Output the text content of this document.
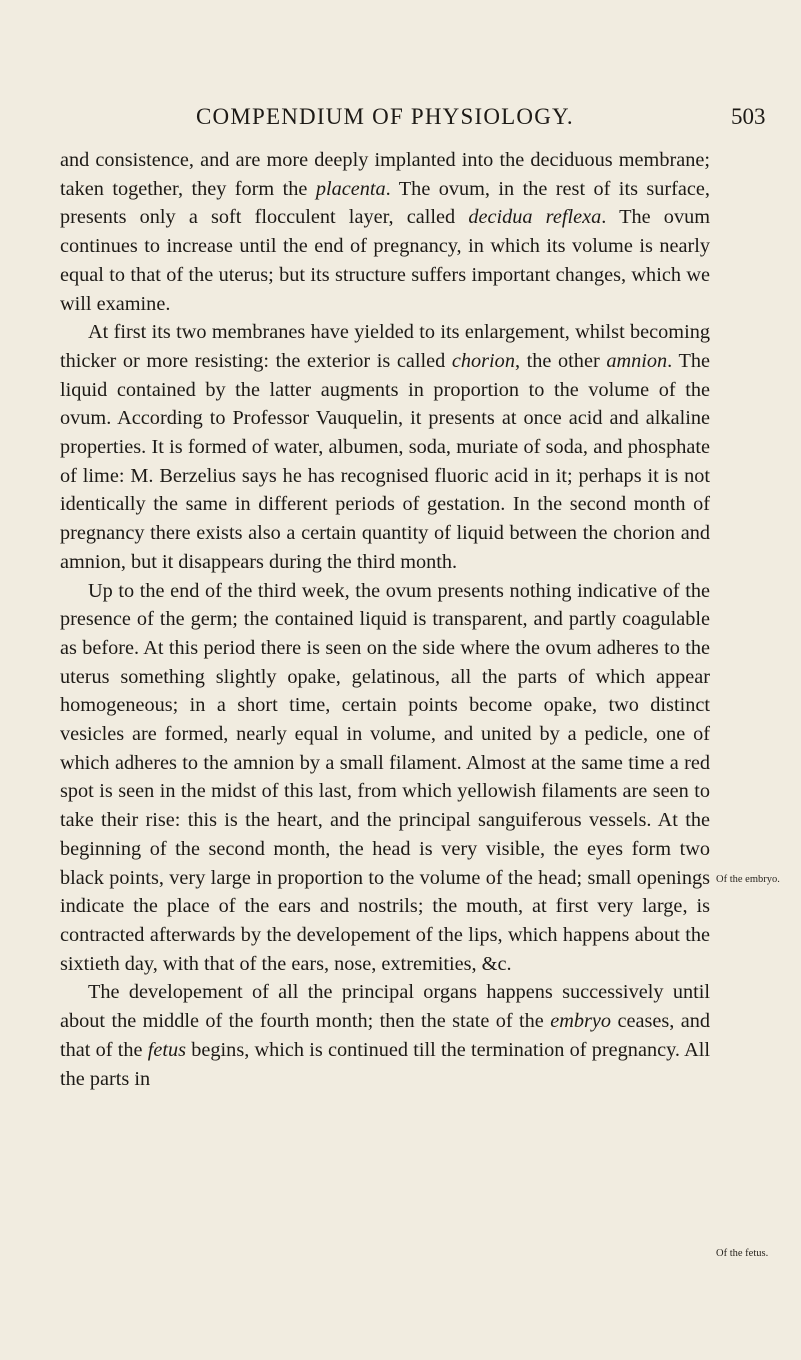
COMPENDIUM OF PHYSIOLOGY.	503

and consistence, and are more deeply implanted into the deciduous membrane; taken together, they form the placenta. The ovum, in the rest of its surface, presents only a soft flocculent layer, called decidua reflexa. The ovum continues to increase until the end of pregnancy, in which its volume is nearly equal to that of the uterus; but its structure suffers important changes, which we will examine.

At first its two membranes have yielded to its enlargement, whilst becoming thicker or more resisting: the exterior is called chorion, the other amnion. The liquid contained by the latter augments in proportion to the volume of the ovum. According to Professor Vauquelin, it presents at once acid and alkaline properties. It is formed of water, albumen, soda, muriate of soda, and phosphate of lime: M. Berzelius says he has recognised fluoric acid in it; perhaps it is not identically the same in different periods of gestation. In the second month of pregnancy there exists also a certain quantity of liquid between the chorion and amnion, but it disappears during the third month.

Up to the end of the third week, the ovum presents nothing indicative of the presence of the germ; the contained liquid is transparent, and partly coagulable as before. At this period there is seen on the side where the ovum adheres to the uterus something slightly opake, gelatinous, all the parts of which appear homogeneous; in a short time, certain points become opake, two distinct vesicles are formed, nearly equal in volume, and united by a pedicle, one of which adheres to the amnion by a small filament. Almost at the same time a red spot is seen in the midst of this last, from which yellowish filaments are seen to take their rise: this is the heart, and the principal sanguiferous vessels. At the beginning of the second month, the head is very visible, the eyes form two black points, very large in proportion to the volume of the head; small openings indicate the place of the ears and nostrils; the mouth, at first very large, is contracted afterwards by the developement of the lips, which happens about the sixtieth day, with that of the ears, nose, extremities, &c.

The developement of all the principal organs happens successively until about the middle of the fourth month; then the state of the embryo ceases, and that of the fetus begins, which is continued till the termination of pregnancy. All the parts in

Of the embryo.
Of the fetus.
